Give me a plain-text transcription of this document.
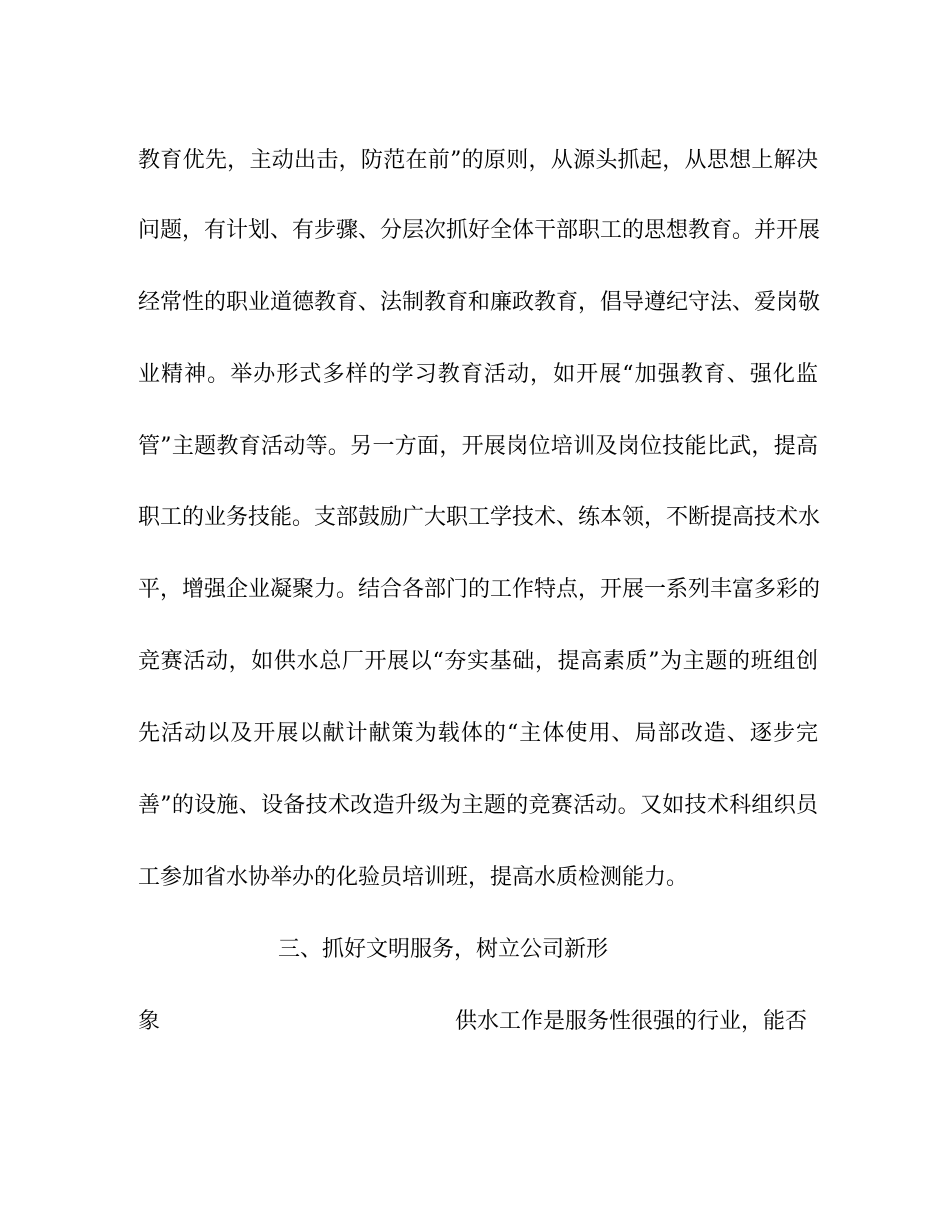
教育优先，主动出击，防范在前”的原则，从源头抓起，从思想上解决
问题，有计划、有步骤、分层次抓好全体干部职工的思想教育。并开展
经常性的职业道德教育、法制教育和廉政教育，倡导遵纪守法、爱岗敬
业精神。举办形式多样的学习教育活动，如开展“加强教育、强化监
管”主题教育活动等。另一方面，开展岗位培训及岗位技能比武，提高
职工的业务技能。支部鼓励广大职工学技术、练本领，不断提高技术水
平，增强企业凝聚力。结合各部门的工作特点，开展一系列丰富多彩的
竞赛活动，如供水总厂开展以“夯实基础，提高素质”为主题的班组创
先活动以及开展以献计献策为载体的“主体使用、局部改造、逐步完
善”的设施、设备技术改造升级为主题的竞赛活动。又如技术科组织员
工参加省水协举办的化验员培训班，提高水质检测能力。
三、抓好文明服务，树立公司新形
象	供水工作是服务性很强的行业，能否
